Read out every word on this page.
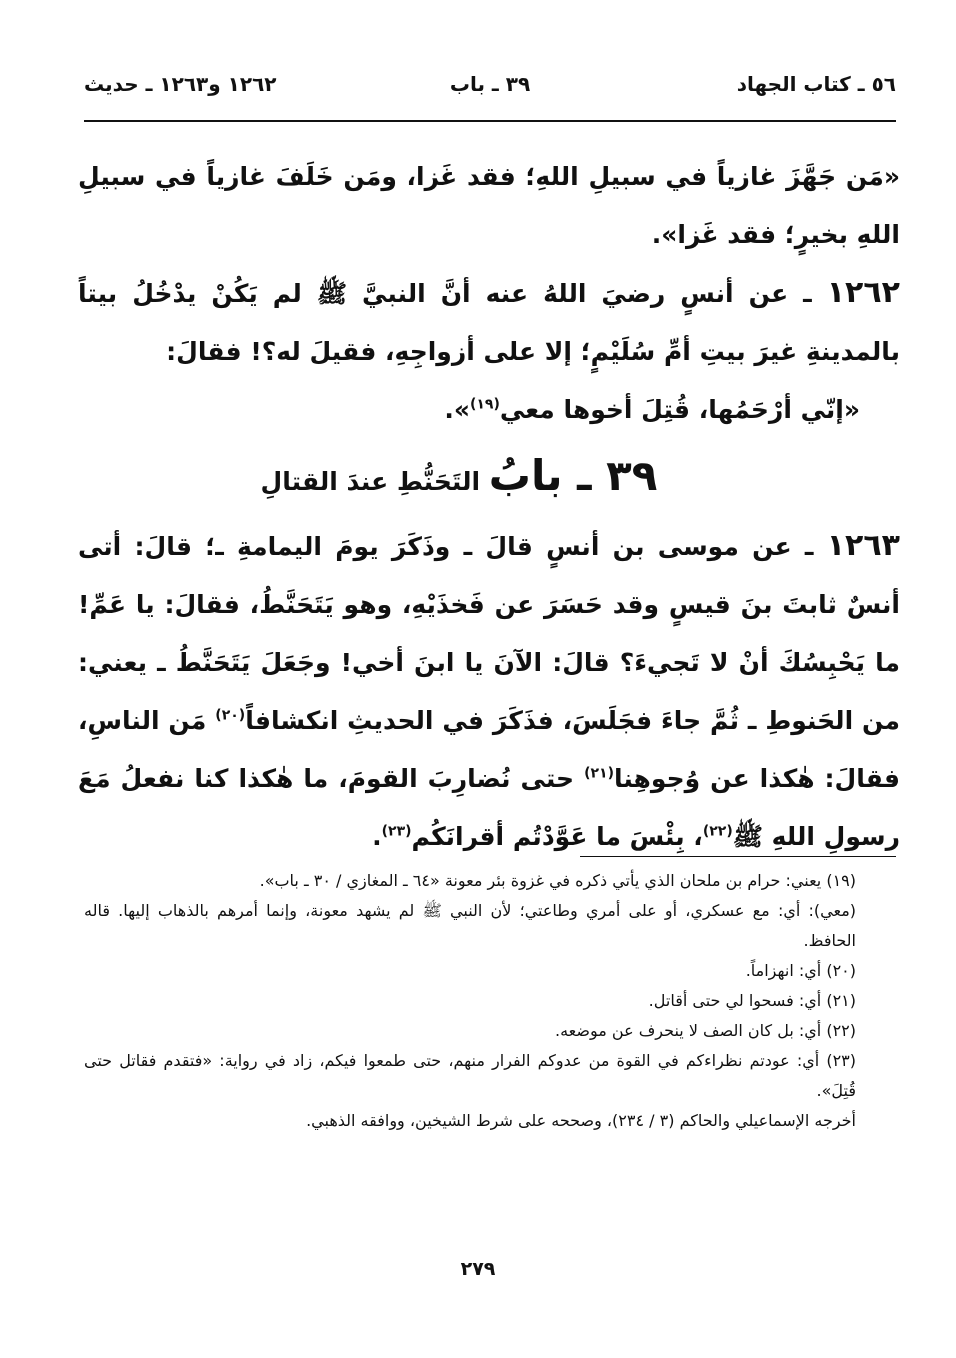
٥٦ ـ كتاب الجهاد
٣٩ ـ باب
١٢٦٢ و١٢٦٣ ـ حديث

«مَن جَهَّزَ غازياً في سبيلِ اللهِ؛ فقد غَزا، ومَن خَلَفَ غازياً في سبيلِ اللهِ بخيرٍ؛ فقد غَزا».

١٢٦٢ ـ عن أنسٍ رضيَ اللهُ عنه أنَّ النبيَّ ﷺ لم يَكُنْ يدْخُلُ بيتاً بالمدينةِ غيرَ بيتِ أمِّ سُلَيْمٍ؛ إلا على أزواجِهِ، فقيلَ له؟! فقالَ:

«إنّي أرْحَمُها، قُتِلَ أخوها معي$^{(١٩)}$».

٣٩ ـ بابُ التَحَنُّطِ عندَ القتالِ

١٢٦٣ ـ عن موسى بن أنسٍ قالَ ـ وذَكَرَ يومَ اليمامةِ ـ؛ قالَ: أتى أنسٌ ثابتَ بنَ قيسٍ وقد حَسَرَ عن فَخذَيْهِ، وهو يَتَحَنَّطُ، فقالَ: يا عَمِّ! ما يَحْبِسُكَ أنْ لا تَجيءَ؟ قالَ: الآنَ يا ابنَ أخي! وجَعَلَ يَتَحَنَّطُ ـ يعني: من الحَنوطِ ـ ثُمَّ جاءَ فجَلَسَ، فذَكَرَ في الحديثِ انكشافاً$^{(٢٠)}$ مَن الناسِ، فقالَ: هٰكذا عن وُجوهِنا$^{(٢١)}$ حتى نُضارِبَ القومَ، ما هٰكذا كنا نفعلُ مَعَ رسولِ اللهِ ﷺ$^{(٢٢)}$، بِئْسَ ما عَوَّدْتُم أقرانَكُم$^{(٢٣)}$.

(١٩) يعني: حرام بن ملحان الذي يأتي ذكره في غزوة بئر معونة «٦٤ ـ المغازي / ٣٠ ـ باب».

(معي): أي: مع عسكري، أو على أمري وطاعتي؛ لأن النبي ﷺ لم يشهد معونة، وإنما أمرهم بالذهاب إليها. قاله الحافظ.

(٢٠) أي: انهزاماً.

(٢١) أي: فسحوا لي حتى أقاتل.

(٢٢) أي: بل كان الصف لا ينحرف عن موضعه.

(٢٣) أي: عودتم نظراءكم في القوة من عدوكم الفرار منهم، حتى طمعوا فيكم، زاد في رواية: «فتقدم فقاتل حتى قُتِلَ».

أخرجه الإسماعيلي والحاكم (٣ / ٢٣٤)، وصححه على شرط الشيخين، ووافقه الذهبي.

٢٧٩
